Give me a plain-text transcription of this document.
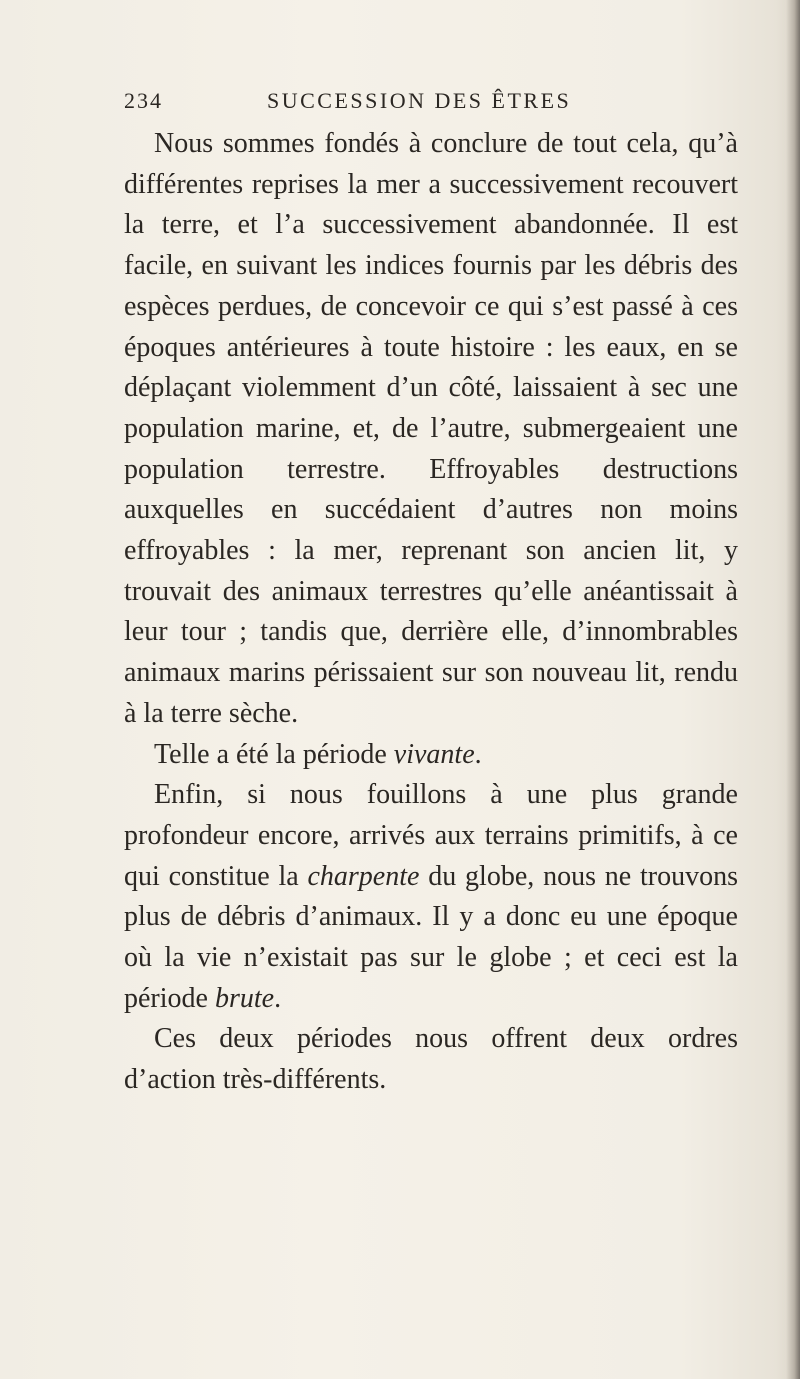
234	SUCCESSION DES ÊTRES

Nous sommes fondés à conclure de tout cela, qu’à différentes reprises la mer a successivement recouvert la terre, et l’a successivement abandonnée. Il est facile, en suivant les indices fournis par les débris des espèces perdues, de concevoir ce qui s’est passé à ces époques antérieures à toute histoire : les eaux, en se déplaçant violemment d’un côté, laissaient à sec une population marine, et, de l’autre, submergeaient une population terrestre. Effroyables destructions auxquelles en succédaient d’autres non moins effroyables : la mer, reprenant son ancien lit, y trouvait des animaux terrestres qu’elle anéantissait à leur tour ; tandis que, derrière elle, d’innombrables animaux marins périssaient sur son nouveau lit, rendu à la terre sèche.

Telle a été la période vivante.

Enfin, si nous fouillons à une plus grande profondeur encore, arrivés aux terrains primitifs, à ce qui constitue la charpente du globe, nous ne trouvons plus de débris d’animaux. Il y a donc eu une époque où la vie n’existait pas sur le globe ; et ceci est la période brute.

Ces deux périodes nous offrent deux ordres d’action très-différents.
